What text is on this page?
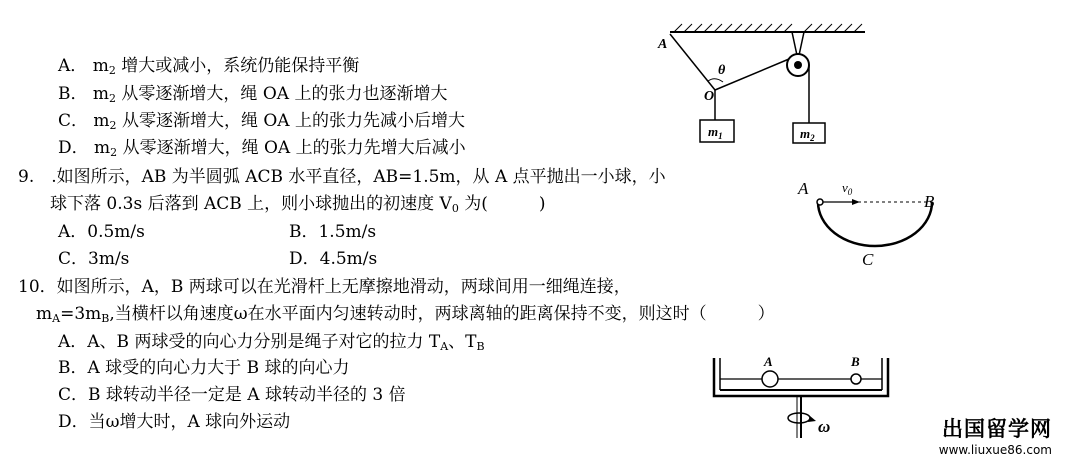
A． $m_2$ 增大或减小，系统仍能保持平衡
B． $m_2$ 从零逐渐增大，绳 OA 上的张力也逐渐增大
C． $m_2$ 从零逐渐增大，绳 OA 上的张力先减小后增大
D． $m_2$ 从零逐渐增大，绳 OA 上的张力先增大后减小
9.　.如图所示，AB 为半圆弧 ACB 水平直径，AB=1.5m，从 A 点平抛出一小球，小
球下落 0.3s 后落到 ACB 上，则小球抛出的初速度 $V_0$ 为(　　　)
A．0.5m/s	B．1.5m/s
C．3m/s	D．4.5m/s
10．如图所示，A，B 两球可以在光滑杆上无摩擦地滑动，两球间用一细绳连接，
$m_A=3m_B$,当横杆以角速度ω在水平面内匀速转动时，两球离轴的距离保持不变，则这时（　　　）
A．A、B 两球受的向心力分别是绳子对它的拉力 $T_A$、$T_B$
B．A 球受的向心力大于 B 球的向心力
C．B 球转动半径一定是 A 球转动半径的 3 倍
D．当ω增大时，A 球向外运动
A
θ
O
$m_1$	$m_2$
A
B
C
$v_0$
A	B
ω	出国留学网
www.liuxue86.com
